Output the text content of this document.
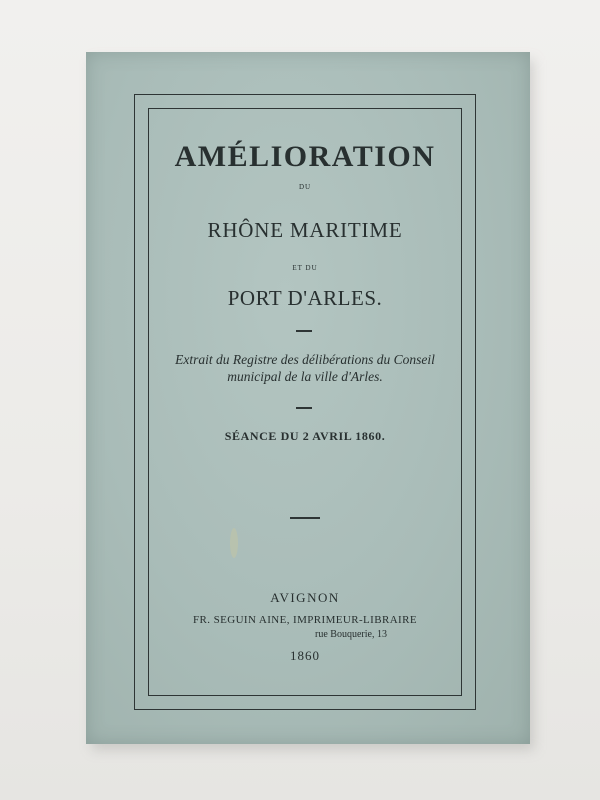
AMÉLIORATION
DU
RHÔNE MARITIME
ET DU
PORT D'ARLES.
Extrait du Registre des délibérations du Conseil
municipal de la ville d'Arles.
SÉANCE DU 2 AVRIL 1860.
AVIGNON
FR. SEGUIN AINE, IMPRIMEUR-LIBRAIRE
rue Bouquerie, 13
1860
